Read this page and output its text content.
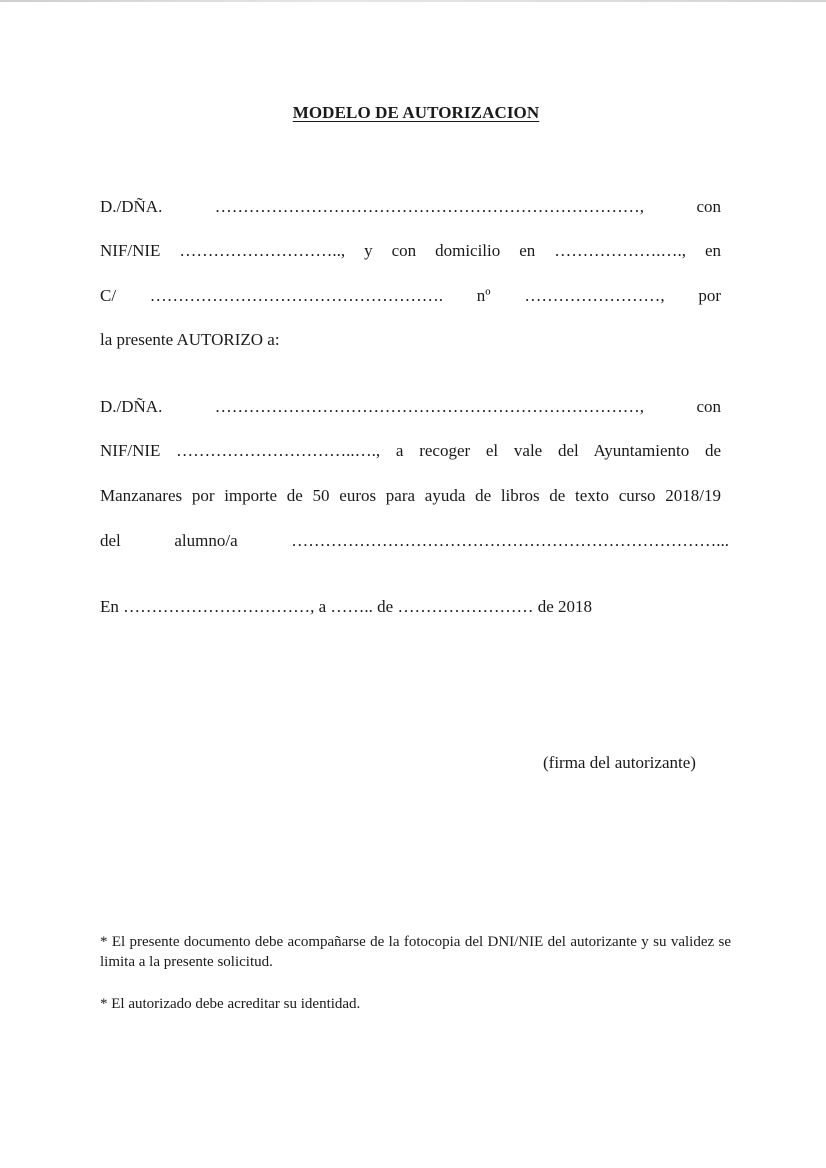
MODELO DE AUTORIZACION
D./DÑA. …………………………………………………………………, con
NIF/NIE ……………………….., y con domicilio en ……………….…., en
C/ ……………………………………………. nº ……………………, por
la presente AUTORIZO a:
D./DÑA. …………………………………………………………………, con
NIF/NIE …………………………..…., a recoger el vale del Ayuntamiento de
Manzanares por importe de 50 euros para ayuda de libros de texto curso 2018/19
del alumno/a …………………………………………………………………...
En ……………………………, a …….. de …………………… de 2018
(firma del autorizante)
* El presente documento debe acompañarse de la fotocopia del DNI/NIE del autorizante y su validez se limita a la presente solicitud.
* El autorizado debe acreditar su identidad.
